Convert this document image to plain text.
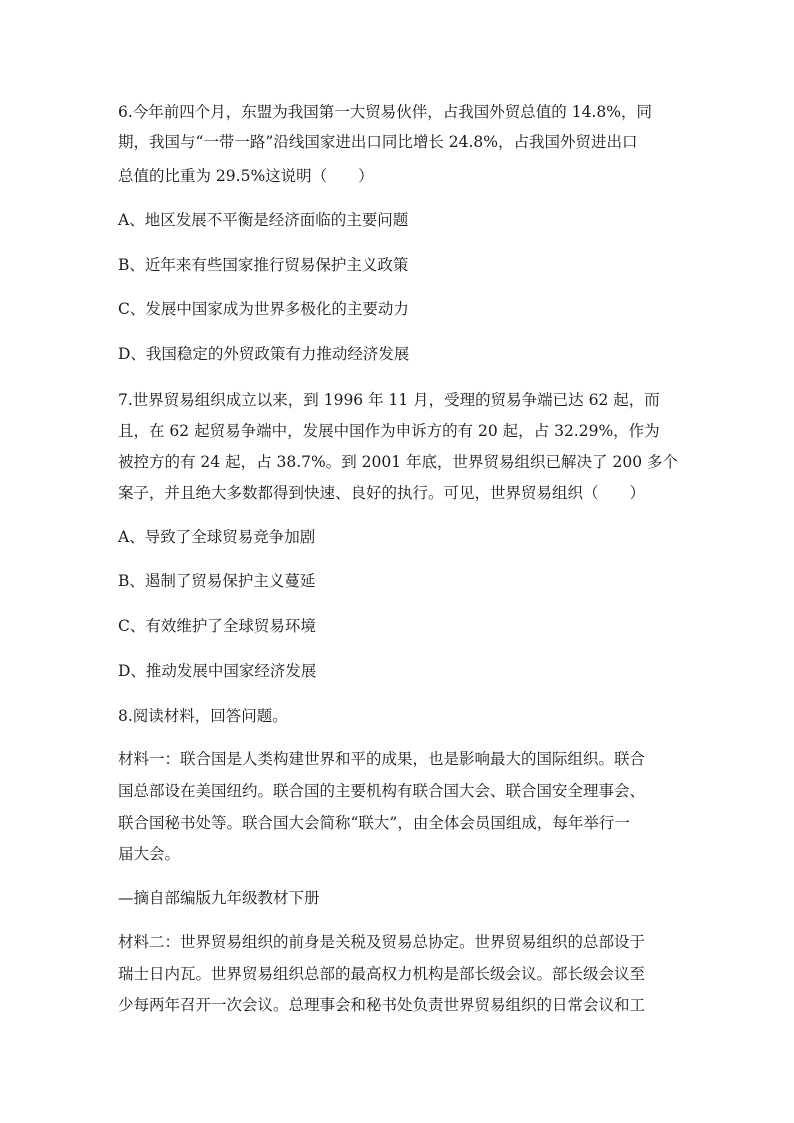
6.今年前四个月，东盟为我国第一大贸易伙伴，占我国外贸总值的 14.8%，同
期，我国与“一带一路”沿线国家进出口同比增长 24.8%，占我国外贸进出口
总值的比重为 29.5%这说明（　　）
A、地区发展不平衡是经济面临的主要问题
B、近年来有些国家推行贸易保护主义政策
C、发展中国家成为世界多极化的主要动力
D、我国稳定的外贸政策有力推动经济发展
7.世界贸易组织成立以来，到 1996 年 11 月，受理的贸易争端已达 62 起，而
且，在 62 起贸易争端中，发展中国作为申诉方的有 20 起，占 32.29%，作为
被控方的有 24 起，占 38.7%。到 2001 年底，世界贸易组织已解决了 200 多个
案子，并且绝大多数都得到快速、良好的执行。可见，世界贸易组织（　　）
A、导致了全球贸易竞争加剧
B、遏制了贸易保护主义蔓延
C、有效维护了全球贸易环境
D、推动发展中国家经济发展
8.阅读材料，回答问题。
材料一：联合国是人类构建世界和平的成果，也是影响最大的国际组织。联合
国总部设在美国纽约。联合国的主要机构有联合国大会、联合国安全理事会、
联合国秘书处等。联合国大会简称“联大”，由全体会员国组成，每年举行一
届大会。
—摘自部编版九年级教材下册
材料二：世界贸易组织的前身是关税及贸易总协定。世界贸易组织的总部设于
瑞士日内瓦。世界贸易组织总部的最高权力机构是部长级会议。部长级会议至
少每两年召开一次会议。总理事会和秘书处负责世界贸易组织的日常会议和工
